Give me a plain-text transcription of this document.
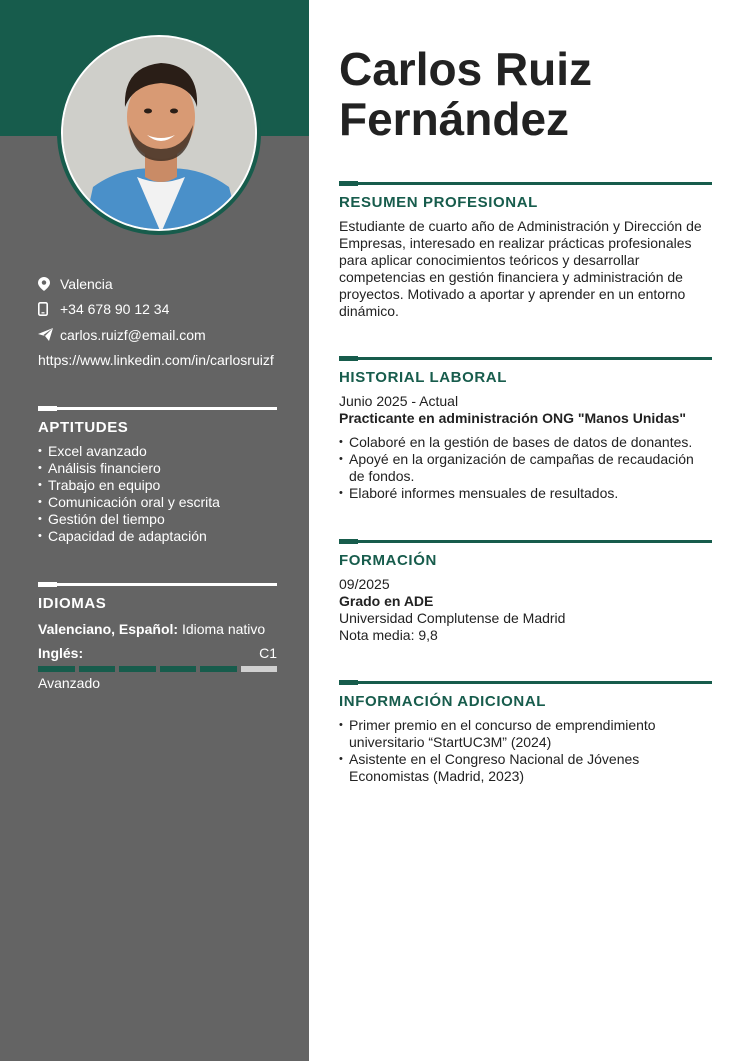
Valencia
+34 678 90 12 34
carlos.ruizf@email.com
https://www.linkedin.com/in/carlosruizf
APTITUDES
• Excel avanzado
• Análisis financiero
• Trabajo en equipo
• Comunicación oral y escrita
• Gestión del tiempo
• Capacidad de adaptación
IDIOMAS
Valenciano, Español: Idioma nativo
Inglés:	C1
Avanzado
Carlos Ruiz
Fernández
RESUMEN PROFESIONAL

Estudiante de cuarto año de Administración y Dirección de Empresas, interesado en realizar prácticas profesionales para aplicar conocimientos teóricos y desarrollar competencias en gestión financiera y administración de proyectos. Motivado a aportar y aprender en un entorno dinámico.

HISTORIAL LABORAL
Junio 2025 - Actual
Practicante en administración ONG "Manos Unidas"
• Colaboré en la gestión de bases de datos de donantes.
• Apoyé en la organización de campañas de recaudación de fondos.
• Elaboré informes mensuales de resultados.
FORMACIÓN
09/2025
Grado en ADE
Universidad Complutense de Madrid
Nota media: 9,8
INFORMACIÓN ADICIONAL
• Primer premio en el concurso de emprendimiento universitario “StartUC3M” (2024)
• Asistente en el Congreso Nacional de Jóvenes Economistas (Madrid, 2023)
